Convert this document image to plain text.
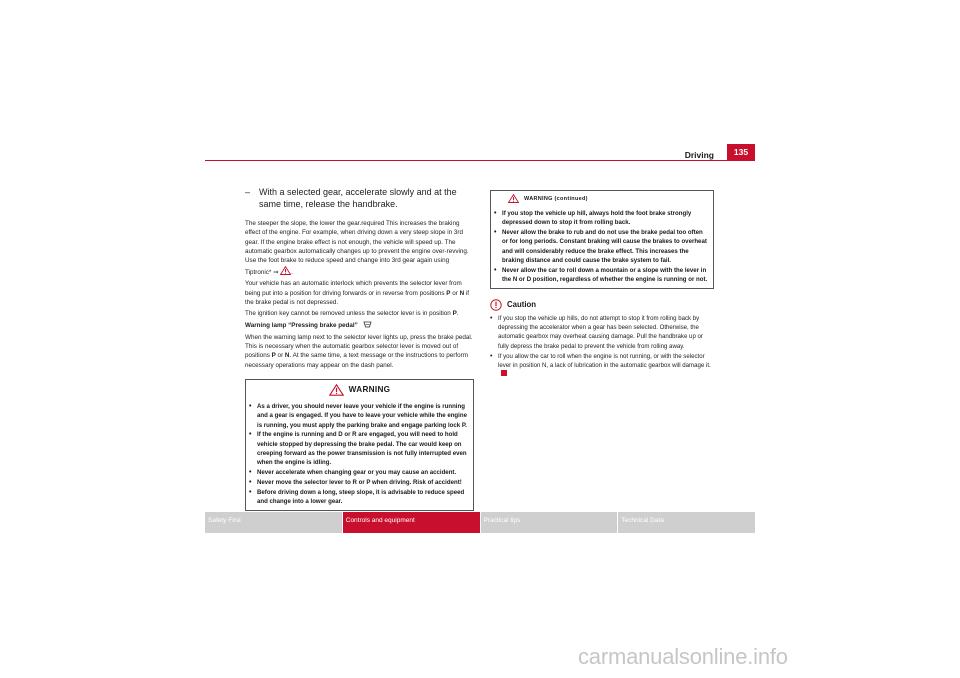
Driving	135
– With a selected gear, accelerate slowly and at the same time, release the handbrake.

The steeper the slope, the lower the gear.required This increases the braking effect of the engine. For example, when driving down a very steep slope in 3rd gear. If the engine brake effect is not enough, the vehicle will speed up. The automatic gearbox automatically changes up to prevent the engine over-revving. Use the foot brake to reduce speed and change into 3rd gear again using Tiptronic* ⇒ .

Your vehicle has an automatic interlock which prevents the selector lever from being put into a position for driving forwards or in reverse from positions P or N if the brake pedal is not depressed.

The ignition key cannot be removed unless the selector lever is in position P.

Warning lamp “Pressing brake pedal”

When the warning lamp next to the selector lever lights up, press the brake pedal. This is necessary when the automatic gearbox selector lever is moved out of positions P or N. At the same time, a text message or the instructions to perform necessary operations may appear on the dash panel.

WARNING
• As a driver, you should never leave your vehicle if the engine is running and a gear is engaged. If you have to leave your vehicle while the engine is running, you must apply the parking brake and engage parking lock P.
• If the engine is running and D or R are engaged, you will need to hold vehicle stopped by depressing the brake pedal. The car would keep on creeping forward as the power transmission is not fully interrupted even when the engine is idling.
• Never accelerate when changing gear or you may cause an accident.
• Never move the selector lever to R or P when driving. Risk of accident!
• Before driving down a long, steep slope, it is advisable to reduce speed and change into a lower gear.
WARNING (continued)
• If you stop the vehicle up hill, always hold the foot brake strongly depressed down to stop it from rolling back.
• Never allow the brake to rub and do not use the brake pedal too often or for long periods. Constant braking will cause the brakes to overheat and will considerably reduce the brake effect. This increases the braking distance and could cause the brake system to fail.
• Never allow the car to roll down a mountain or a slope with the lever in the N or D position, regardless of whether the engine is running or not.
Caution
• If you stop the vehicle up hills, do not attempt to stop it from rolling back by depressing the accelerator when a gear has been selected. Otherwise, the automatic gearbox may overheat causing damage. Pull the handbrake up or fully depress the brake pedal to prevent the vehicle from rolling away.
• If you allow the car to roll when the engine is not running, or with the selector lever in position N, a lack of lubrication in the automatic gearbox will damage it.
Safety First	Controls and equipment	Practical tips	Technical Data
carmanualsonline.info
